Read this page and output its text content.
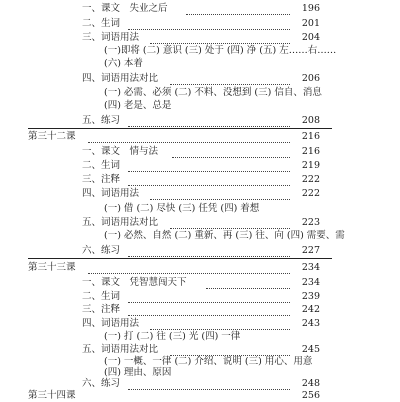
一、课文　失业之后	196
二、生词	201
三、词语用法	204
(一)即将 (二) 意识 (三) 处于 (四) 净 (五) 左……右……
(六) 本着
四、词语用法对比	206
(一) 必需、必须 (二) 不料、没想到 (三) 信自、消息
(四) 老是、总是
五、练习	208
第三十二课	216
一、课文　情与法	216
二、生词	219
三、注释	222
四、词语用法	222
(一) 借 (二) 尽快 (三) 任凭 (四) 着想
五、词语用法对比	223
(一) 必然、自然 (二) 重新、再 (三) 往、向 (四) 需要、需
六、练习	227
第三十三课	234
一、课文　凭智慧闯天下	234
二、生词	239
三、注释	242
四、词语用法	243
(一) 打 (二) 往 (三) 光 (四) 一律
五、词语用法对比	245
(一) 一概、一律 (二) 介绍、说明 (三) 用心、用意
(四) 理由、原因
六、练习	248
第三十四课	256
